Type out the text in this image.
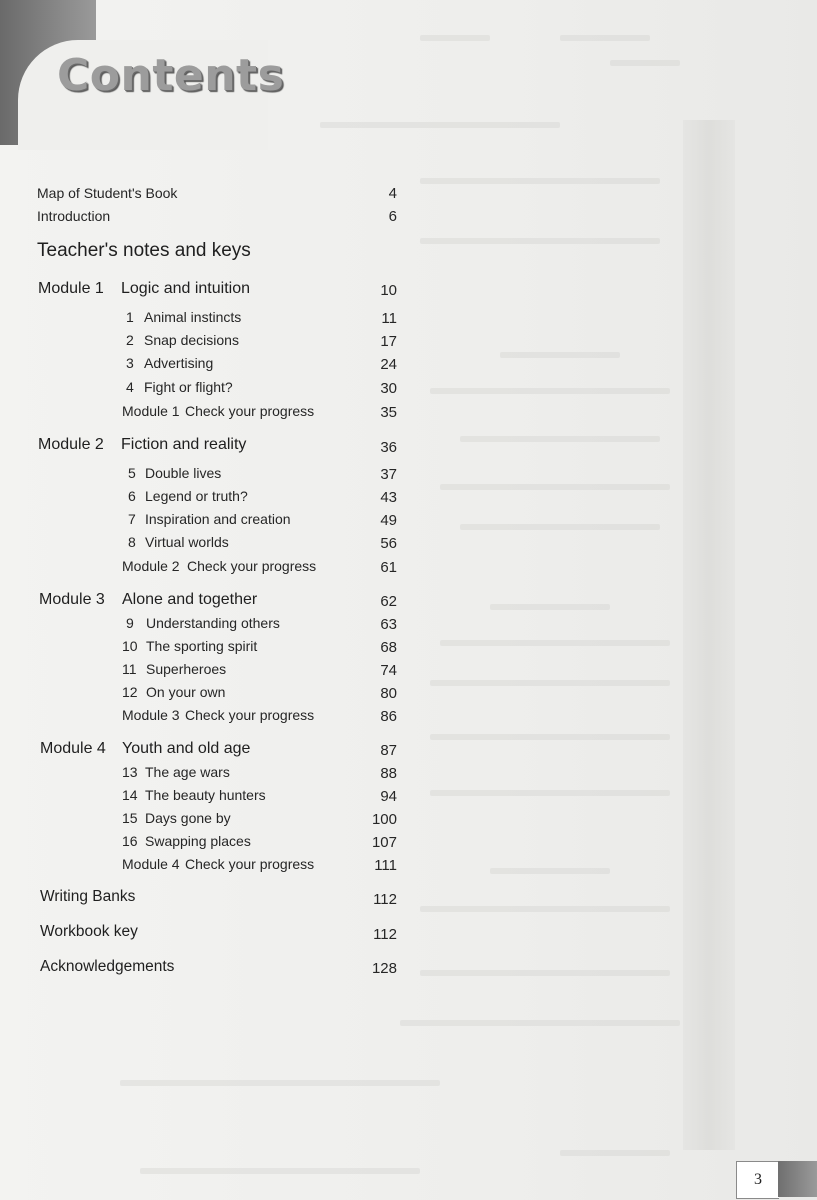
Contents
Map of Student's Book	4
Introduction	6
Teacher's notes and keys
Module 1 Logic and intuition	10
1 Animal instincts	11
2 Snap decisions	17
3 Advertising	24
4 Fight or flight?	30
Module 1 Check your progress	35
Module 2 Fiction and reality	36
5 Double lives	37
6 Legend or truth?	43
7 Inspiration and creation	49
8 Virtual worlds	56
Module 2 Check your progress	61
Module 3 Alone and together	62
9 Understanding others	63
10 The sporting spirit	68
11 Superheroes	74
12 On your own	80
Module 3 Check your progress	86
Module 4 Youth and old age	87
13 The age wars	88
14 The beauty hunters	94
15 Days gone by	100
16 Swapping places	107
Module 4 Check your progress	111
Writing Banks	112
Workbook key	112
Acknowledgements	128
3
